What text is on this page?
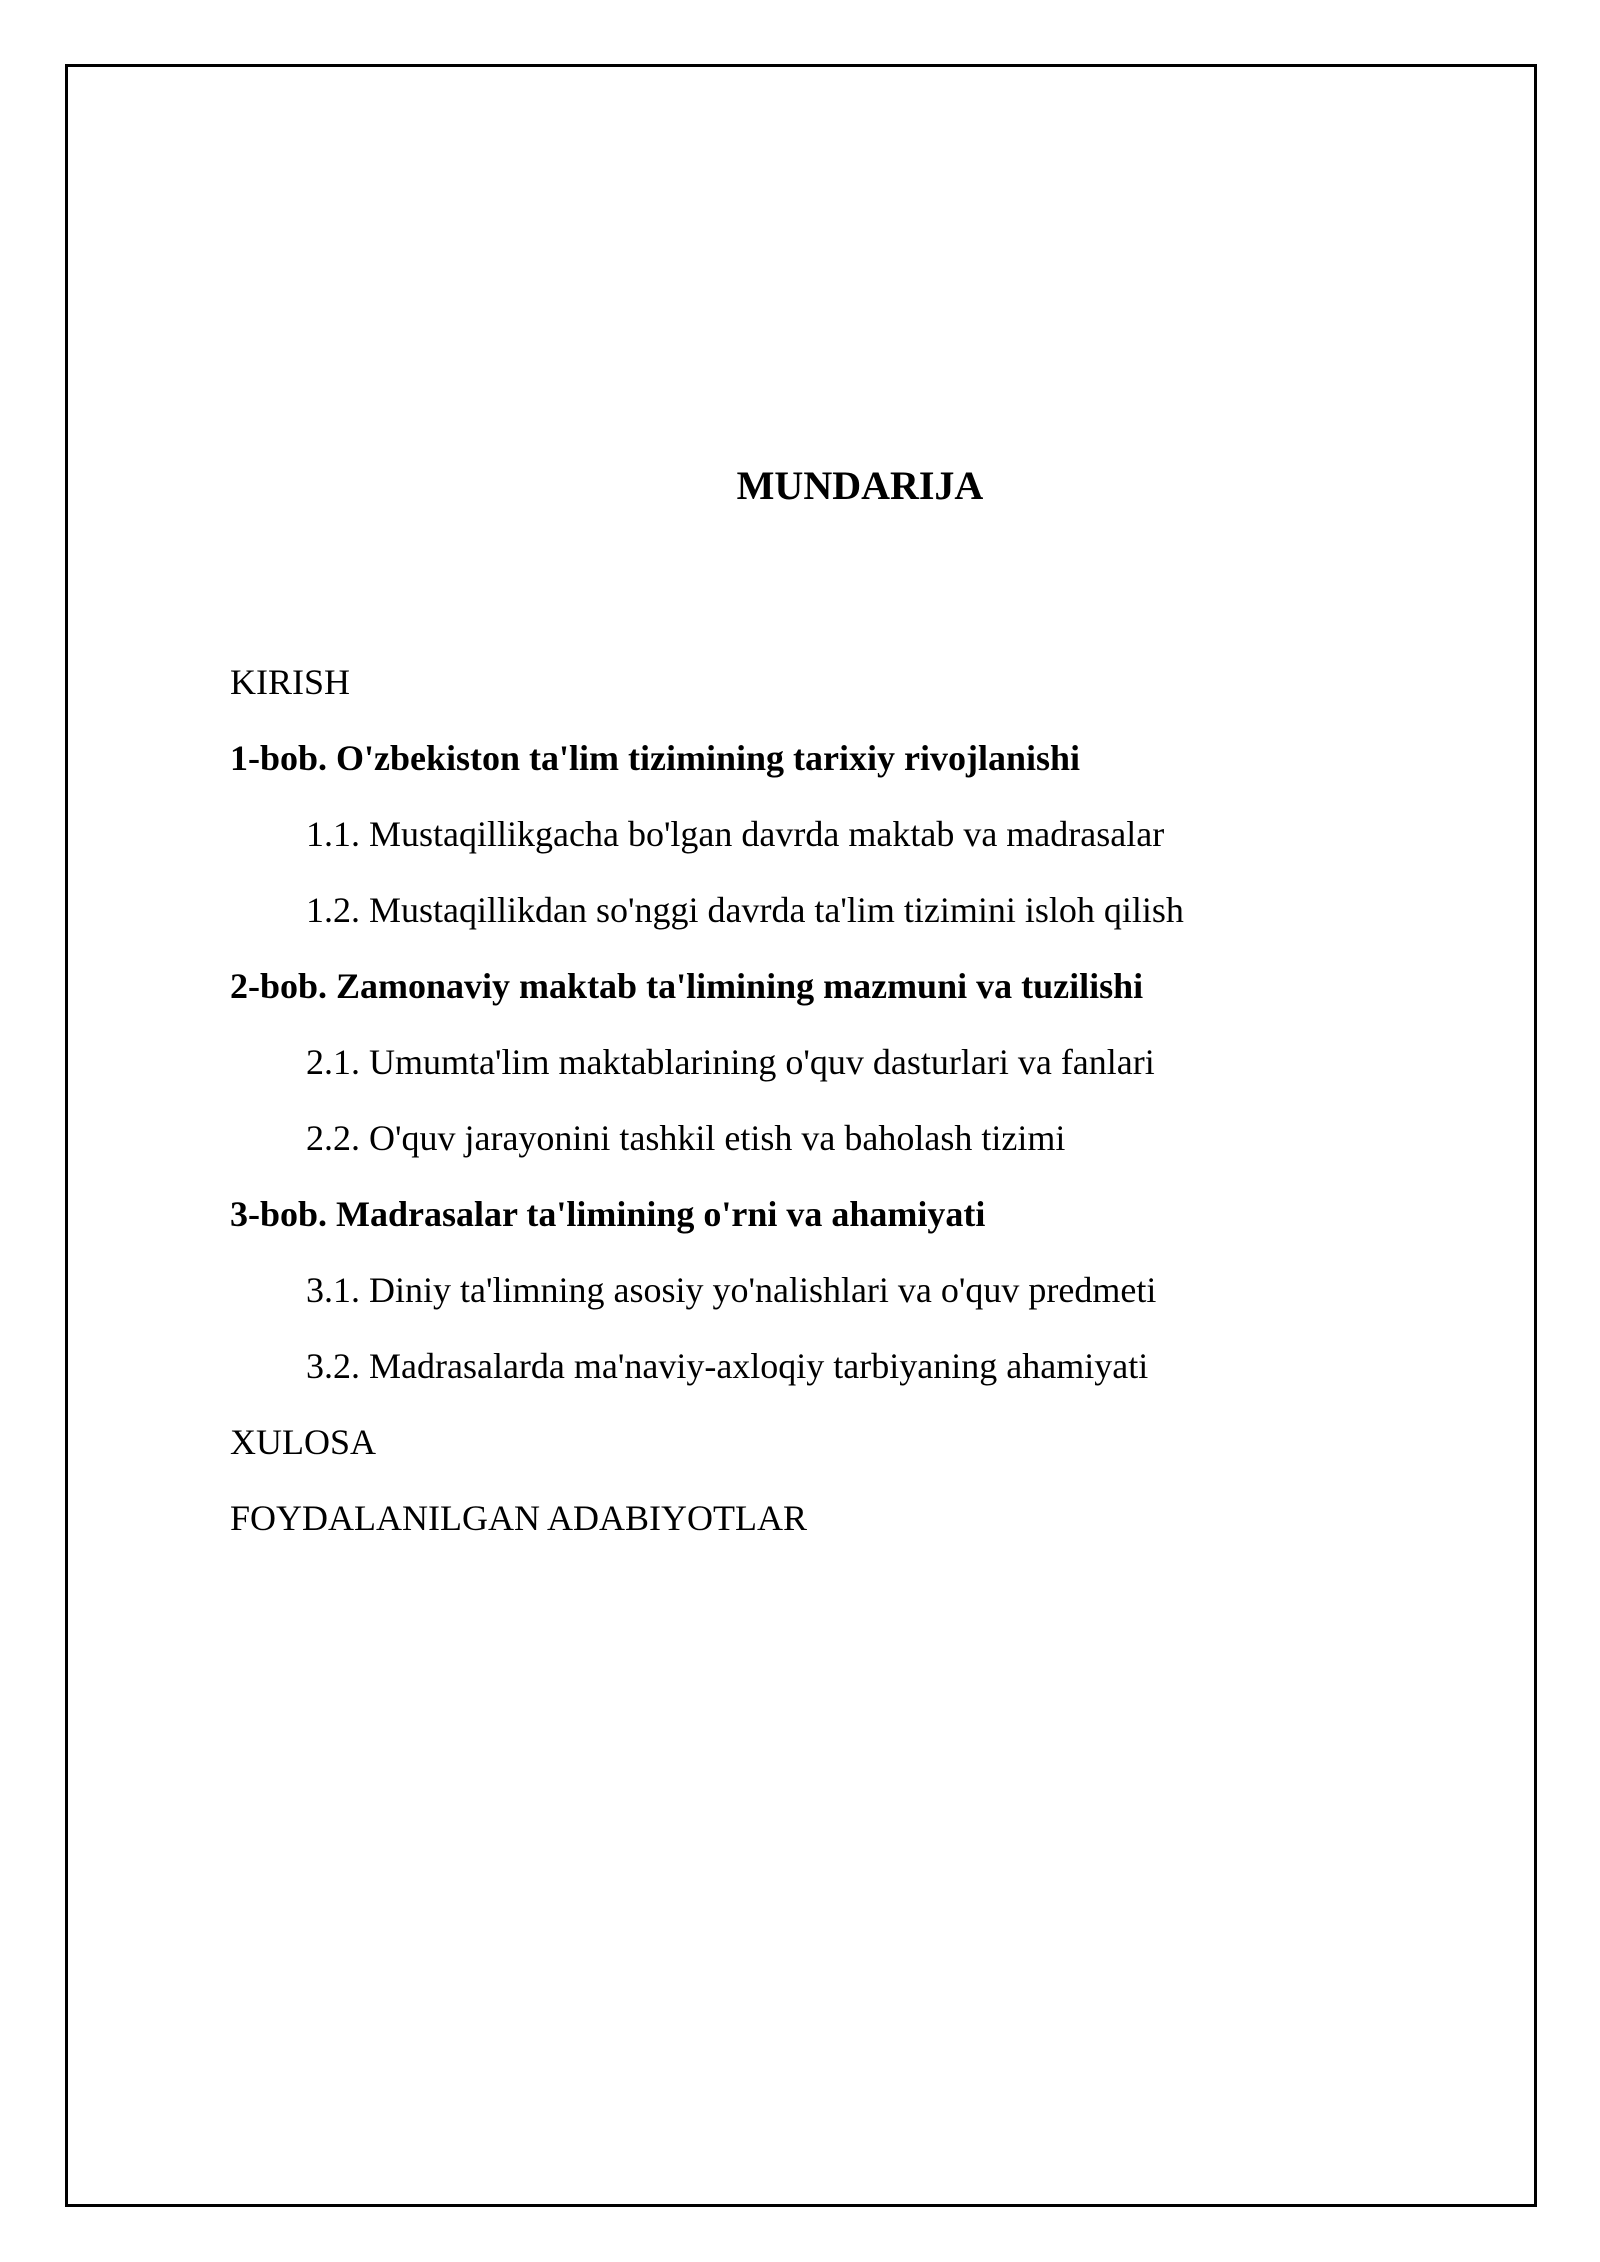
MUNDARIJA
KIRISH
1-bob. O'zbekiston ta'lim tizimining tarixiy rivojlanishi
1.1. Mustaqillikgacha bo'lgan davrda maktab va madrasalar
1.2. Mustaqillikdan so'nggi davrda ta'lim tizimini isloh qilish
2-bob. Zamonaviy maktab ta'limining mazmuni va tuzilishi
2.1. Umumta'lim maktablarining o'quv dasturlari va fanlari
2.2. O'quv jarayonini tashkil etish va baholash tizimi
3-bob. Madrasalar ta'limining o'rni va ahamiyati
3.1. Diniy ta'limning asosiy yo'nalishlari va o'quv predmeti
3.2. Madrasalarda ma'naviy-axloqiy tarbiyaning ahamiyati
XULOSA
FOYDALANILGAN ADABIYOTLAR
